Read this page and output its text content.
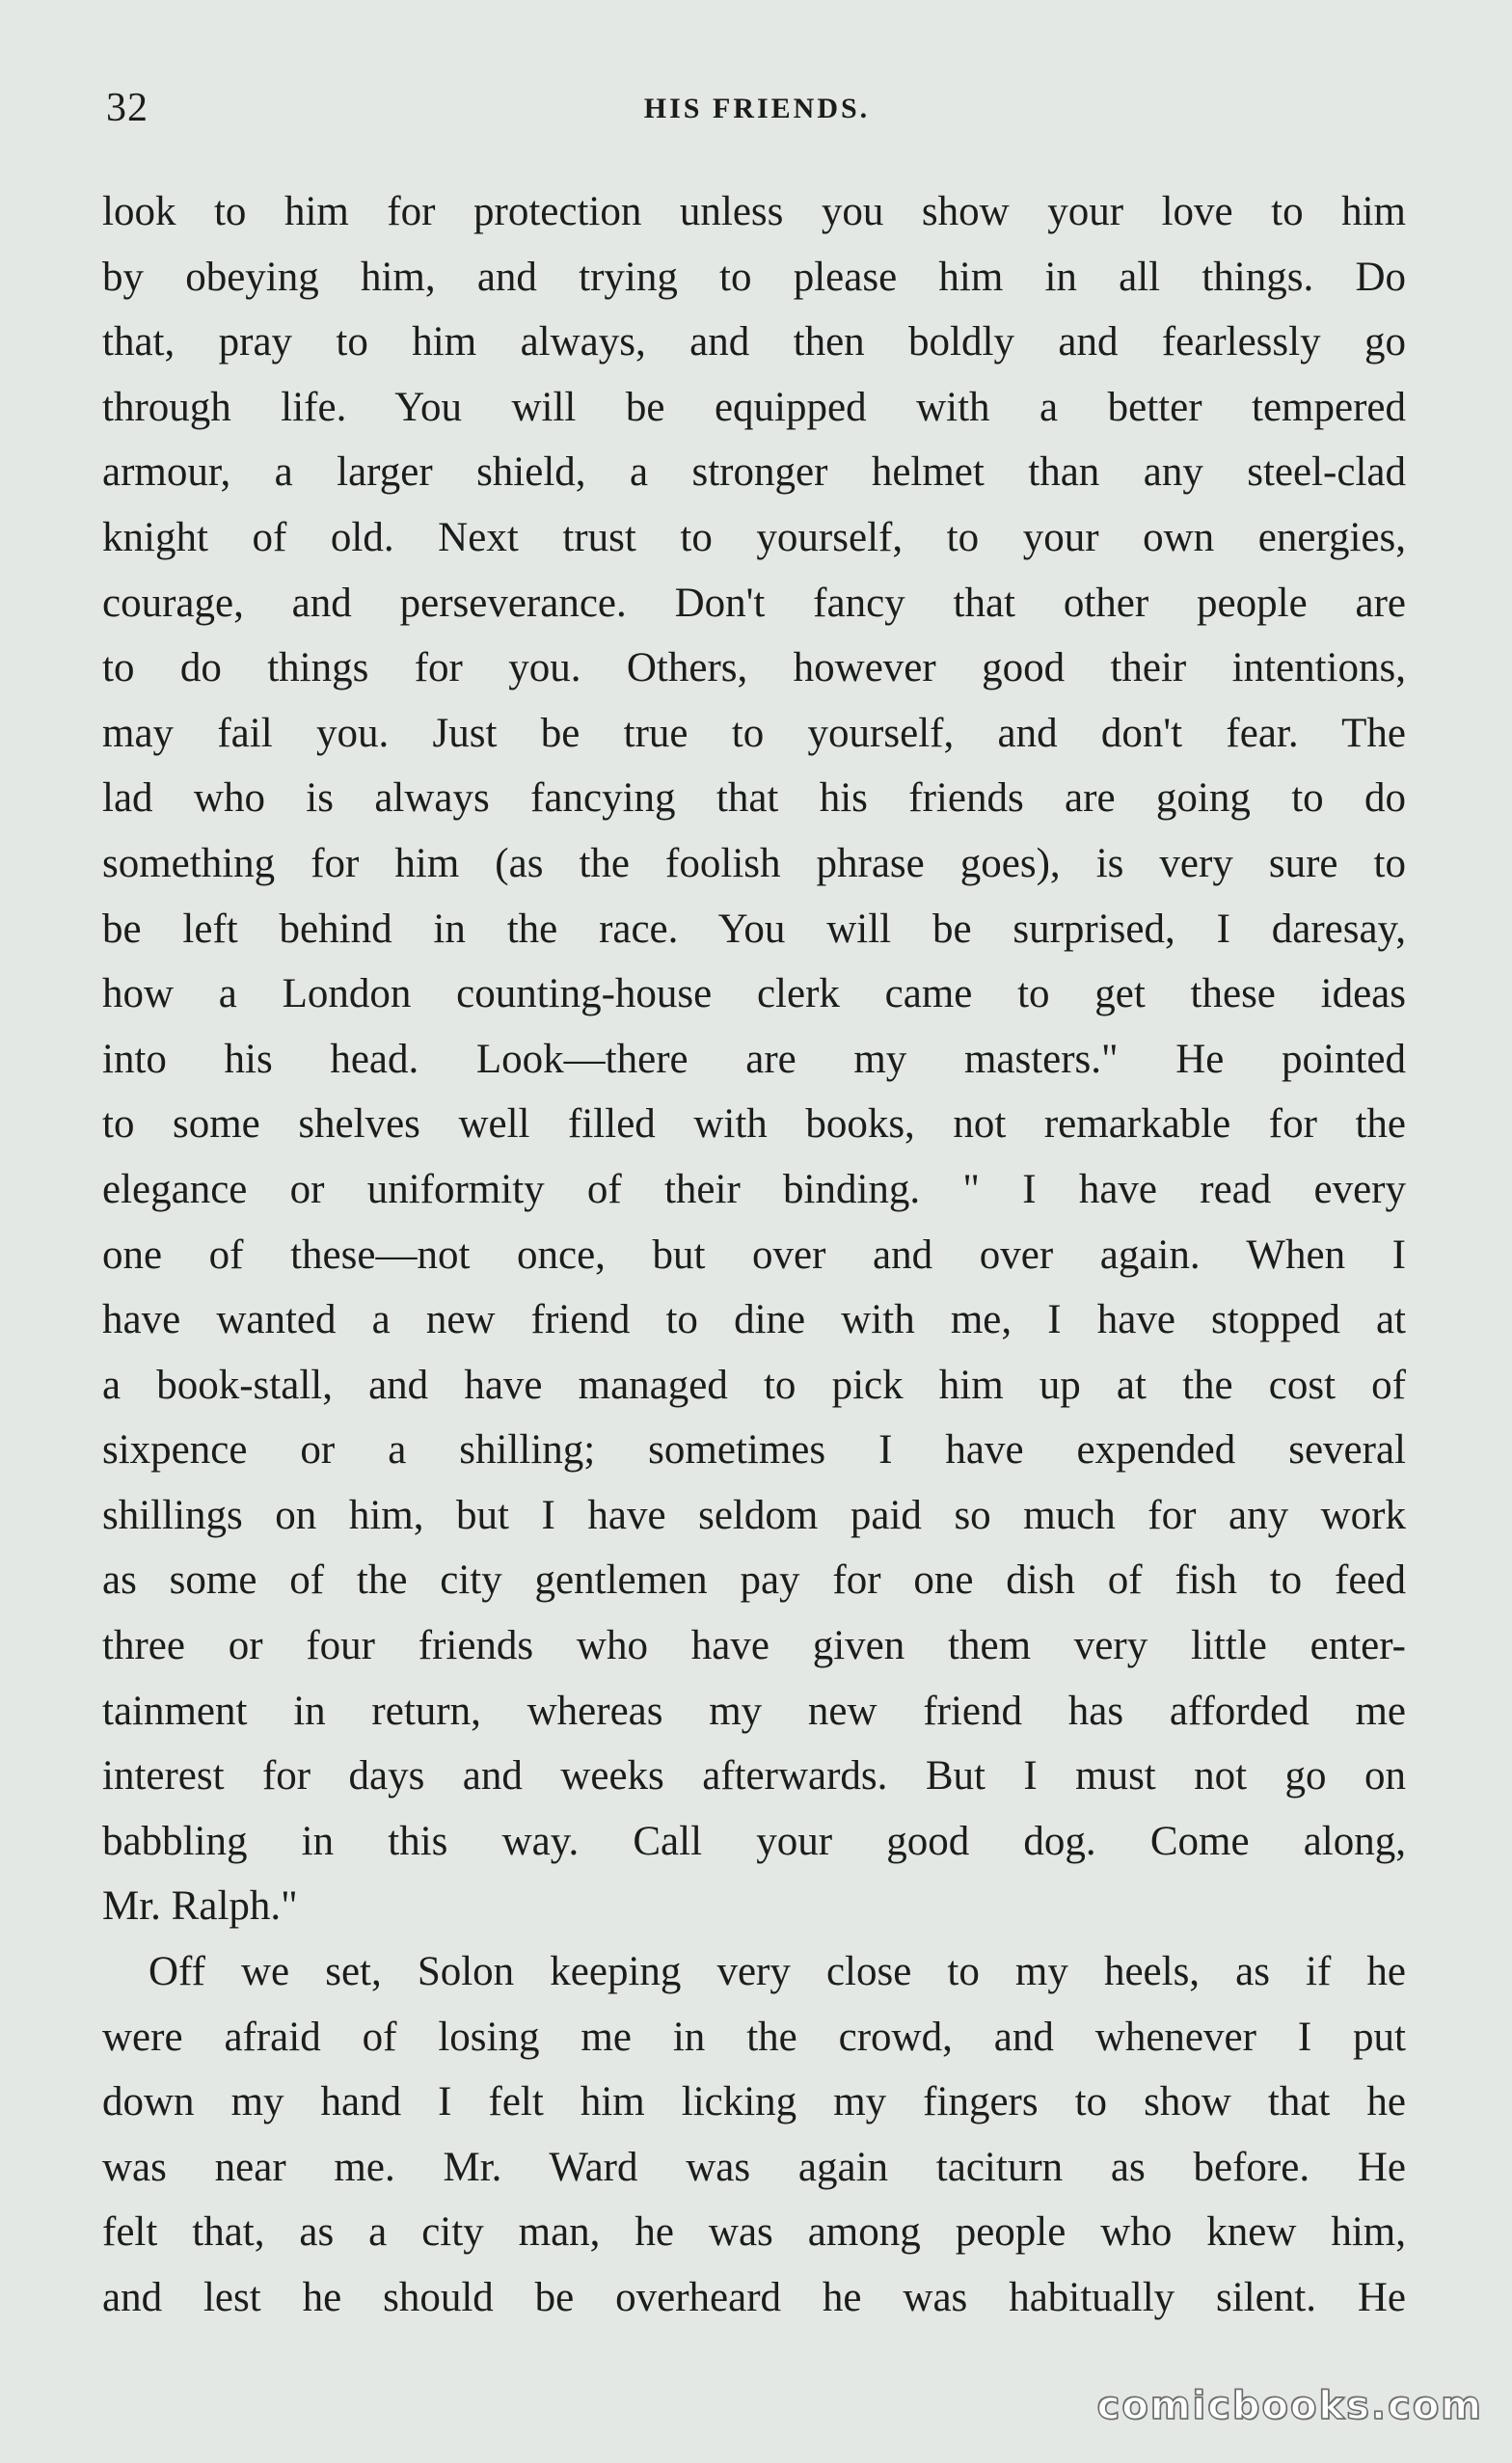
32	HIS FRIENDS.
look to him for protection unless you show your love to him
by obeying him, and trying to please him in all things. Do
that, pray to him always, and then boldly and fearlessly go
through life. You will be equipped with a better tempered
armour, a larger shield, a stronger helmet than any steel-clad
knight of old. Next trust to yourself, to your own energies,
courage, and perseverance. Don't fancy that other people are
to do things for you. Others, however good their intentions,
may fail you. Just be true to yourself, and don't fear. The
lad who is always fancying that his friends are going to do
something for him (as the foolish phrase goes), is very sure to
be left behind in the race. You will be surprised, I daresay,
how a London counting-house clerk came to get these ideas
into his head. Look—there are my masters." He pointed
to some shelves well filled with books, not remarkable for the
elegance or uniformity of their binding. " I have read every
one of these—not once, but over and over again. When I
have wanted a new friend to dine with me, I have stopped at
a book-stall, and have managed to pick him up at the cost of
sixpence or a shilling; sometimes I have expended several
shillings on him, but I have seldom paid so much for any work
as some of the city gentlemen pay for one dish of fish to feed
three or four friends who have given them very little enter-
tainment in return, whereas my new friend has afforded me
interest for days and weeks afterwards. But I must not go on
babbling in this way. Call your good dog. Come along,
Mr. Ralph."
Off we set, Solon keeping very close to my heels, as if he
were afraid of losing me in the crowd, and whenever I put
down my hand I felt him licking my fingers to show that he
was near me. Mr. Ward was again taciturn as before. He
felt that, as a city man, he was among people who knew him,
and lest he should be overheard he was habitually silent. He
comicbooks.com
